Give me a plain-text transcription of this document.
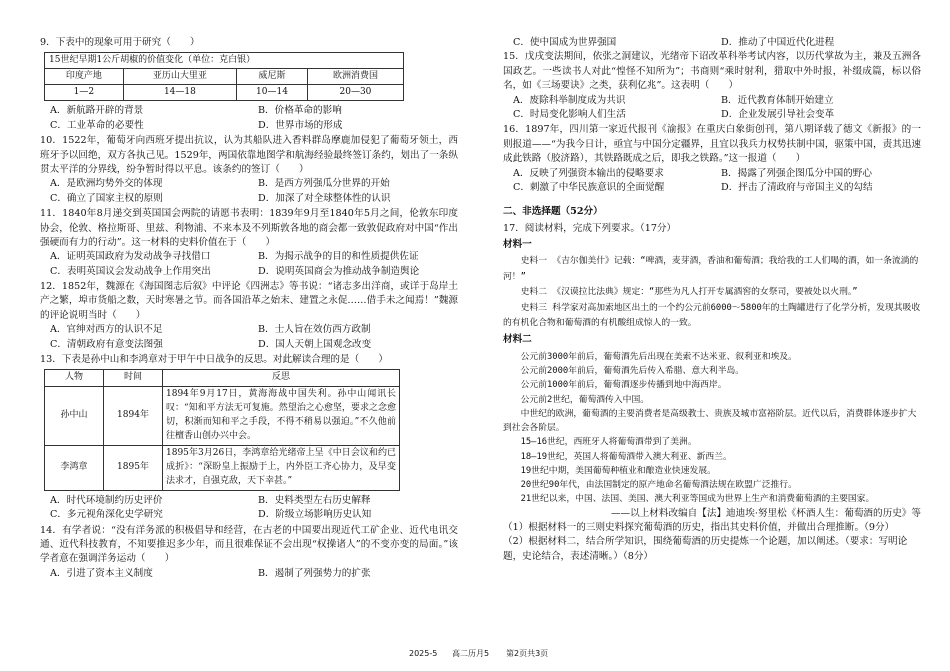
9．下表中的现象可用于研究（　　）
15世纪早期1公斤胡椒的价值变化（单位：克白银）			
印度产地	亚历山大里亚	威尼斯	欧洲消费国
1—2	14—18	10—14	20—30
A．新航路开辟的背景	B．价格革命的影响
C．工业革命的必要性	D．世界市场的形成
10．1522年，葡萄牙向西班牙提出抗议，认为其船队进入香料群岛摩鹿加侵犯了葡萄牙领土，西班牙予以回绝，双方各执己见。1529年，两国依靠地图学和航海经验最终签订条约，划出了一条纵贯太平洋的分界线，纷争暂时得以平息。该条约的签订（　　）
A．是欧洲均势外交的体现	B．是西方列强瓜分世界的开始
C．确立了国家主权的原则	D．加深了对全球整体性的认识
11．1840年8月递交到英国国会两院的请愿书表明：1839年9月至1840年5月之间，伦敦东印度协会，伦敦、格拉斯哥、里兹、利物浦、不来本及不列斯敦各地的商会都一致敦促政府对中国“作出强硬而有力的行动”。这一材料的史料价值在于（　　）
A．证明英国政府为发动战争寻找借口	B．为揭示战争的目的和性质提供佐证
C．表明英国议会发动战争上作用突出	D．说明英国商会为推动战争制造舆论
12．1852年，魏源在《海国图志后叙》中评论《四洲志》等书说：“诸志多出洋商，或详于岛岸土产之繁，埠市货船之数，天时寒暑之节。而各国沿革之始末、建置之永促……借手未之闻焉！”魏源的评论说明当时（　　）
A．官绅对西方的认识不足	B．士人旨在效仿西方政制
C．清朝政府有意变法图强	D．国人天朝上国观念改变
13．下表是孙中山和李鸿章对于甲午中日战争的反思。对此解读合理的是（　　）
人物	时间	反思
孙中山	1894年	1894年9月17日，黄海海战中国失利。孙中山闻讯长叹：“知和平方法无可复施。然望治之心愈坚，要求之念愈切，积渐而知和平之手段，不得不稍易以强迫。”不久他前往檀香山创办兴中会。
李鸿章	1895年	1895年3月26日，李鸿章给光绪帝上呈《中日会议和约已成折》：“深盼皇上振励于上，内外臣工齐心协力，及早变法求才，自强克敌，天下幸甚。”
A．时代环境制约历史评价	B．史料类型左右历史解释
C．多元视角深化史学研究	D．阶级立场影响历史认知
14．有学者说：“没有洋务派的积极倡导和经营，在古老的中国要出现近代工矿企业、近代电讯交通、近代科技教育，不知要推迟多少年，而且很难保证不会出现“权操诸人”的不变亦变的局面。”该学者意在强调洋务运动（　　）
A．引进了资本主义制度	B．遏制了列强势力的扩张
C．使中国成为世界强国	D．推动了中国近代化进程
15．戊戌变法期间，依张之洞建议，光绪帝下诏改革科举考试内容，以历代掌故为主，兼及五洲各国政艺。一些读书人对此“惶怪不知所为”；书商则“乘时射利，猎取中外时报，补缀成篇，标以俗名，如《三场要诀》之类，获利亿兆”。这表明（　　）
A．废除科举制度成为共识	B．近代教育体制开始建立
C．时局变化影响人们生活	D．企业发展引导社会变革
16．1897年，四川第一家近代报刊《渝报》在重庆白象街创刊，第八期译载了德文《新报》的一则报道——“为我今日计，亟宜与中国分定疆界，且宜以我兵力权势扶制中国，驱策中国，责其迅速成此铁路（胶济路），其铁路既成之后，即我之铁路。”这一报道（　　）
A．反映了列强资本输出的侵略要求	B．揭露了列强企图瓜分中国的野心
C．刺激了中华民族意识的全面觉醒	D．抨击了清政府与帝国主义的勾结
二、非选择题（52分）
17．阅读材料，完成下列要求。（17分）
材料一
史料一 《吉尔伽美什》记载：“啤酒，麦芽酒，香油和葡萄酒；我给我的工人们喝的酒，如一条流淌的河！”
史料二 《汉谟拉比法典》规定：“那些为凡人打开专属酒窖的女祭司，要被处以火刑。”
史料三 科学家对高加索地区出土的一个约公元前6000～5800年的土陶罐进行了化学分析，发现其吸收的有机化合物和葡萄酒的有机酸组成惊人的一致。
材料二
公元前3000年前后，葡萄酒先后出现在美索不达米亚、叙利亚和埃及。
公元前2000年前后，葡萄酒先后传入希腊、意大利半岛。
公元前1000年前后，葡萄酒逐步传播到地中海西岸。
公元前2世纪，葡萄酒传入中国。
中世纪的欧洲，葡萄酒的主要消费者是高级教士、贵族及城市富裕阶层。近代以后，消费群体逐步扩大到社会各阶层。
15—16世纪，西班牙人将葡萄酒带到了美洲。
18—19世纪，英国人将葡萄酒带入澳大利亚、新西兰。
19世纪中期，美国葡萄种植业和酿造业快速发展。
20世纪90年代，由法国制定的原产地命名葡萄酒法规在欧盟广泛推行。
21世纪以来，中国、法国、美国、澳大利亚等国成为世界上生产和消费葡萄酒的主要国家。
——以上材料改编自【法】迪迪埃·努里松《杯酒人生：葡萄酒的历史》等
（1）根据材料一的三则史料探究葡萄酒的历史，指出其史料价值，并做出合理推断。（9分）
（2）根据材料二，结合所学知识，围绕葡萄酒的历史提炼一个论题，加以阐述。（要求：写明论题，史论结合，表述清晰。）（8分）
2025-5 高二历月5 第2页共3页
